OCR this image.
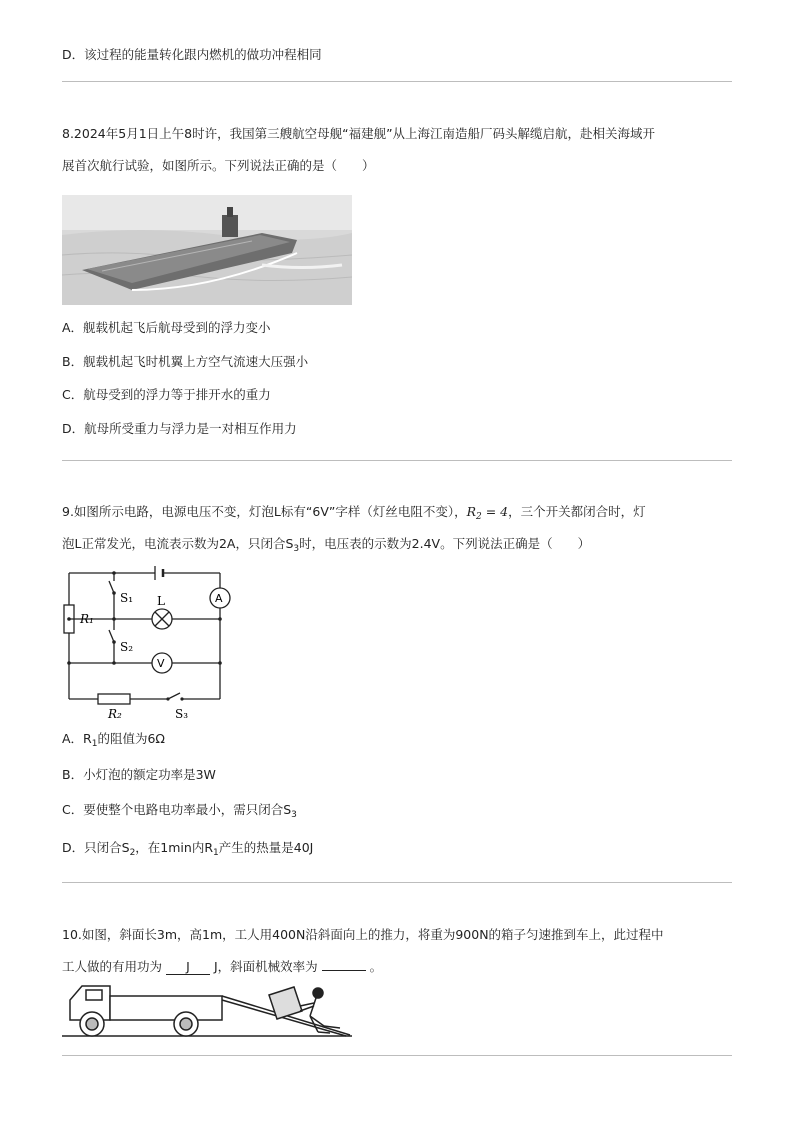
D．该过程的能量转化跟内燃机的做功冲程相同
8.2024年5月1日上午8时许，我国第三艘航空母舰“福建舰”从上海江南造船厂码头解缆启航，赴相关海域开
展首次航行试验，如图所示。下列说法正确的是（　　）
A．舰载机起飞后航母受到的浮力变小
B．舰载机起飞时机翼上方空气流速大压强小
C．航母受到的浮力等于排开水的重力
D．航母所受重力与浮力是一对相互作用力
9.如图所示电路，电源电压不变，灯泡L标有“6V”字样（灯丝电阻不变），$R_2 = 4$，三个开关都闭合时，灯
泡L正常发光，电流表示数为2A，只闭合$S_3$时，电压表的示数为2.4V。下列说法正确是（　　）
S₁
S₂
L
R₁
R₂	S₃
A
V
A．$R_1$的阻值为6Ω
B．小灯泡的额定功率是3W
C．要使整个电路电功率最小，需只闭合$S_3$
D．只闭合$S_2$，在1min内$R_1$产生的热量是40J
10.如图，斜面长3m，高1m，工人用400N沿斜面向上的推力，将重为900N的箱子匀速推到车上，此过程中
工人做的有用功为 J J，斜面机械效率为	。
